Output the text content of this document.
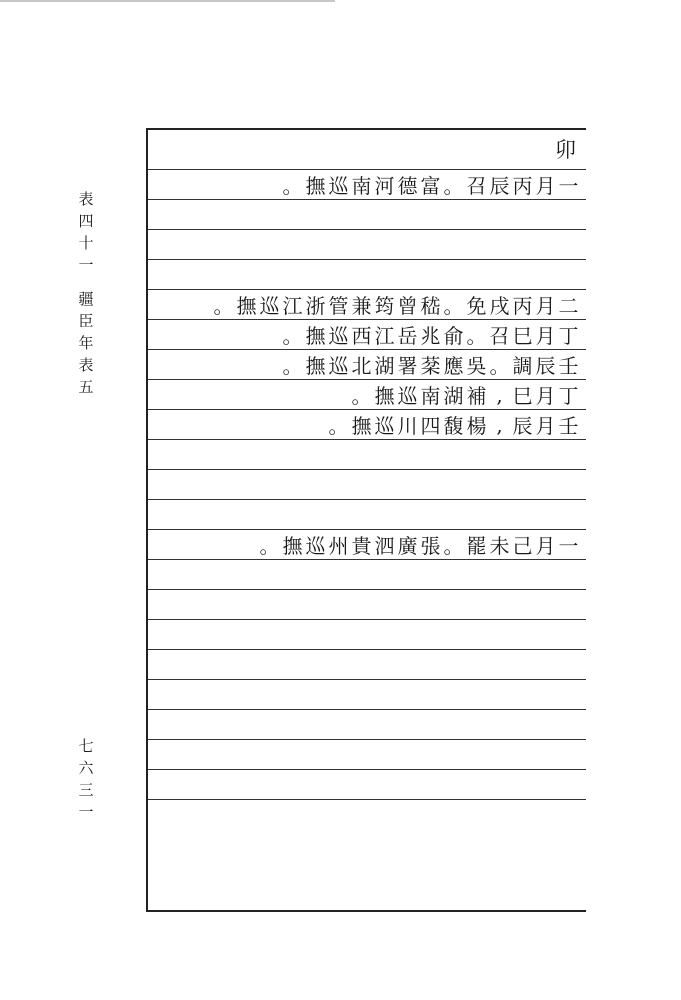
表
四
十
一
疆
臣
年
表
五
七
六
三
一
卯
一
月
丙
辰
召
。
富
德
河
南
巡
撫
。
二
月
丙
戌
免
。
嵇
曾
筠
兼
管
浙
江
巡
撫
。
丁
月
巳
召
。
俞
兆
岳
江
西
巡
撫
。
壬
辰
調
。
吳
應
棻
署
湖
北
巡
撫
。
丁
月
巳
,
補
湖
南
巡
撫
。
壬
月
辰
,
楊
馥
四
川
巡
撫
。
一
月
己
未
罷
。
張
廣
泗
貴
州
巡
撫
。
